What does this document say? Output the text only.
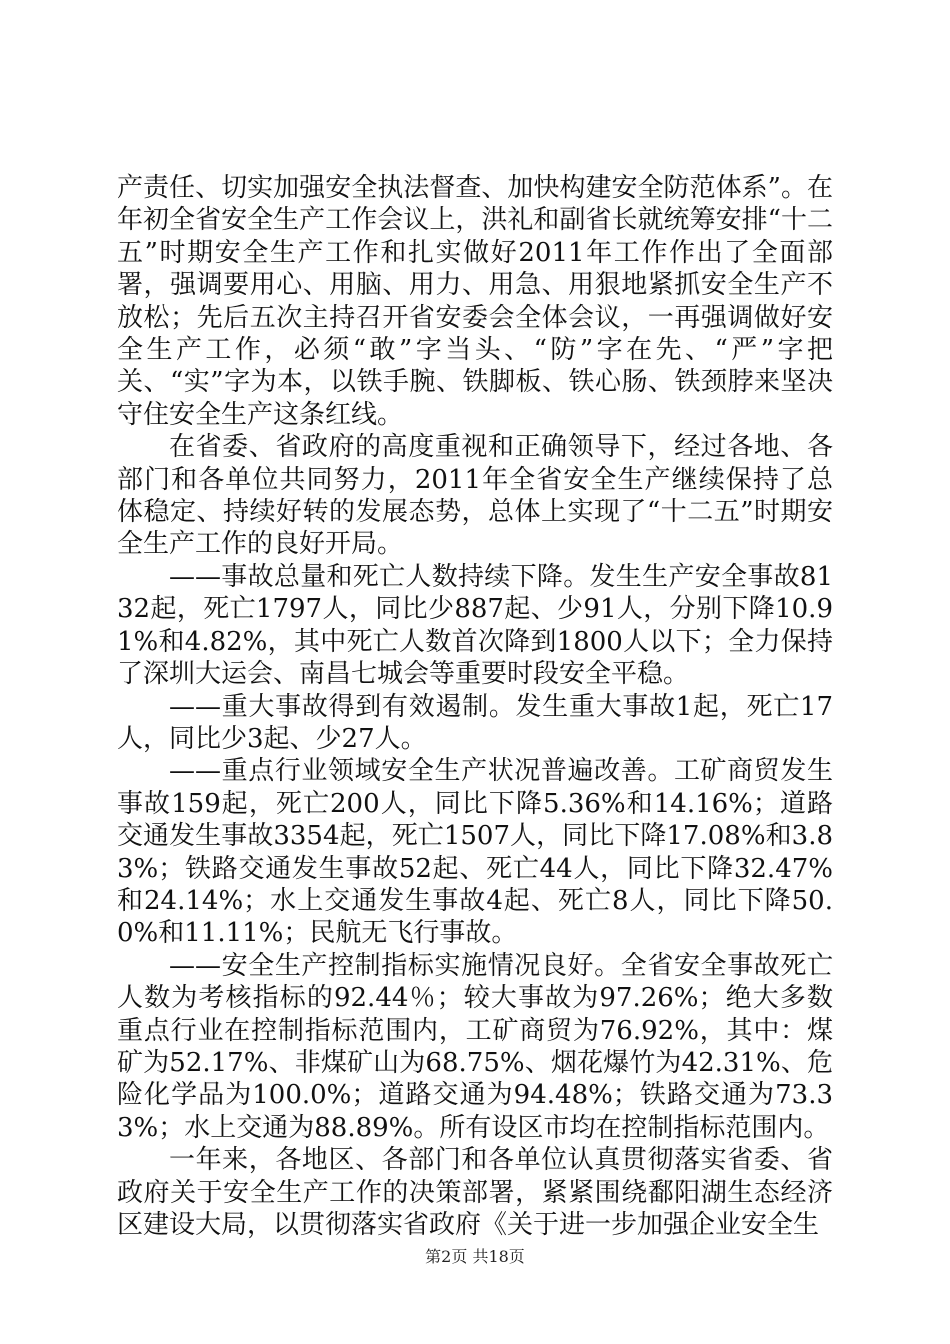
产责任、切实加强安全执法督查、加快构建安全防范体系”。在年初全省安全生产工作会议上，洪礼和副省长就统筹安排“十二五”时期安全生产工作和扎实做好2011年工作作出了全面部署，强调要用心、用脑、用力、用急、用狠地紧抓安全生产不放松；先后五次主持召开省安委会全体会议，一再强调做好安全生产工作，必须“敢”字当头、“防”字在先、“严”字把关、“实”字为本，以铁手腕、铁脚板、铁心肠、铁颈脖来坚决守住安全生产这条红线。

在省委、省政府的高度重视和正确领导下，经过各地、各部门和各单位共同努力，2011年全省安全生产继续保持了总体稳定、持续好转的发展态势，总体上实现了“十二五”时期安全生产工作的良好开局。

——事故总量和死亡人数持续下降。发生生产安全事故8132起，死亡1797人，同比少887起、少91人，分别下降10.91%和4.82%，其中死亡人数首次降到1800人以下；全力保持了深圳大运会、南昌七城会等重要时段安全平稳。

——重大事故得到有效遏制。发生重大事故1起，死亡17人，同比少3起、少27人。

——重点行业领域安全生产状况普遍改善。工矿商贸发生事故159起，死亡200人，同比下降5.36%和14.16%；道路交通发生事故3354起，死亡1507人，同比下降17.08%和3.83%；铁路交通发生事故52起、死亡44人，同比下降32.47%和24.14%；水上交通发生事故4起、死亡8人，同比下降50.0%和11.11%；民航无飞行事故。

——安全生产控制指标实施情况良好。全省安全事故死亡人数为考核指标的92.44％；较大事故为97.26%；绝大多数重点行业在控制指标范围内，工矿商贸为76.92%，其中：煤矿为52.17%、非煤矿山为68.75%、烟花爆竹为42.31%、危险化学品为100.0%；道路交通为94.48%；铁路交通为73.33%；水上交通为88.89%。所有设区市均在控制指标范围内。

一年来，各地区、各部门和各单位认真贯彻落实省委、省政府关于安全生产工作的决策部署，紧紧围绕鄱阳湖生态经济区建设大局，以贯彻落实省政府《关于进一步加强企业安全生

第2页 共18页
